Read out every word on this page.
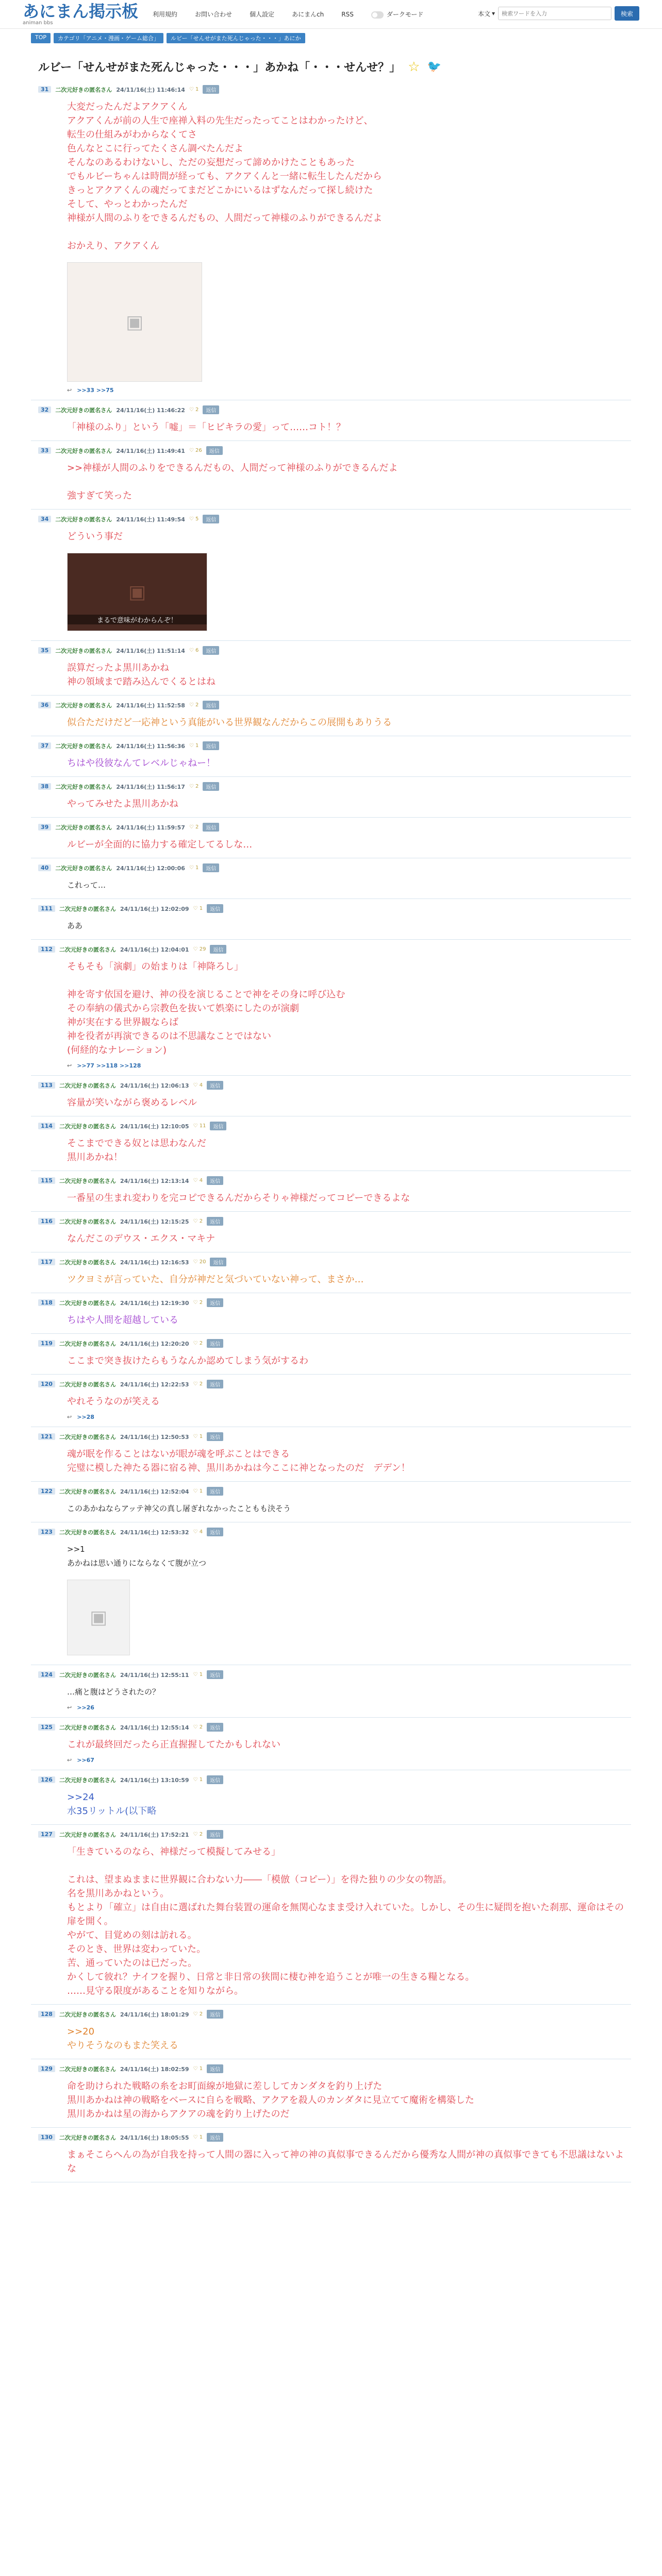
あにまん掲示板
animan bbs
利用規約	お問い合わせ	個人設定	あにまんch	RSS	ダークモード	本文 ▾
検索ワードを入力	検索
TOP	カテゴリ「アニメ・漫画・ゲーム総合」	ルビー「せんせがまた死んじゃった・・・」あにか
ルビー「せんせがまた死んじゃった・・・」あかね「・・・せんせ？」 ☆ 🐦
31	二次元好きの匿名さん 24/11/16(土) 11:46:14 ♡ 1	返信
大変だったんだよアクアくん
アクアくんが前の人生で座禅入料の先生だったってことはわかったけど、
転生の仕組みがわからなくてさ
色んなとこに行ってたくさん調べたんだよ
そんなのあるわけないし、ただの妄想だって諦めかけたこともあった
でもルビーちゃんは時間が経っても、アクアくんと一緒に転生したんだから
きっとアクアくんの魂だってまだどこかにいるはずなんだって探し続けた
そして、やっとわかったんだ
神様が人間のふりをできるんだもの、人間だって神様のふりができるんだよ

おかえり、アクアくん
▣
↩ >>33 >>75
32	二次元好きの匿名さん 24/11/16(土) 11:46:22 ♡ 2	返信
「神様のふり」という「嘘」＝「ヒビキラの愛」って……コト！？
33	二次元好きの匿名さん 24/11/16(土) 11:49:41 ♡ 26	返信
>>神様が人間のふりをできるんだもの、人間だって神様のふりができるんだよ

強すぎて笑った
34	二次元好きの匿名さん 24/11/16(土) 11:49:54 ♡ 5	返信
どういう事だ
▣
まるで意味がわからんぞ！
35	二次元好きの匿名さん 24/11/16(土) 11:51:14 ♡ 6	返信
誤算だったよ黒川あかね
神の領域まで踏み込んでくるとはね
36	二次元好きの匿名さん 24/11/16(土) 11:52:58 ♡ 2	返信
似合ただけだど一応神という真能がいる世界観なんだからこの展開もありうる
37	二次元好きの匿名さん 24/11/16(土) 11:56:36 ♡ 1	返信
ちはや役彼なんてレベルじゃねー！
38	二次元好きの匿名さん 24/11/16(土) 11:56:17 ♡ 2	返信
やってみせたよ黒川あかね
39	二次元好きの匿名さん 24/11/16(土) 11:59:57 ♡ 2	返信
ルビーが全面的に協力する確定してるしな…
40	二次元好きの匿名さん 24/11/16(土) 12:00:06 ♡ 1	返信
これって…
111	二次元好きの匿名さん 24/11/16(土) 12:02:09 ♡ 1	返信
ああ
112	二次元好きの匿名さん 24/11/16(土) 12:04:01 ♡ 29	返信
そもそも「演劇」の始まりは「神降ろし」

神を寄す依国を避け、神の役を演じることで神をその身に呼び込む
その奉納の儀式から宗教色を抜いて娯楽にしたのが演劇
神が実在する世界観ならば
神を役者が再演できるのは不思議なことではない
(何経的なナレーション)
↩ >>77 >>118 >>128
113	二次元好きの匿名さん 24/11/16(土) 12:06:13 ♡ 4	返信
容量が笑いながら褒めるレベル
114	二次元好きの匿名さん 24/11/16(土) 12:10:05 ♡ 11	返信
そこまでできる奴とは思わなんだ
黒川あかね！
115	二次元好きの匿名さん 24/11/16(土) 12:13:14 ♡ 4	返信
一番星の生まれ変わりを完コピできるんだからそりゃ神様だってコピーできるよな
116	二次元好きの匿名さん 24/11/16(土) 12:15:25 ♡ 2	返信
なんだこのデウス・エクス・マキナ
117	二次元好きの匿名さん 24/11/16(土) 12:16:53 ♡ 20	返信
ツクヨミが言っていた、自分が神だと気づいていない神って、まさか…
118	二次元好きの匿名さん 24/11/16(土) 12:19:30 ♡ 2	返信
ちはや人間を超越している
119	二次元好きの匿名さん 24/11/16(土) 12:20:20 ♡ 2	返信
ここまで突き抜けたらもうなんか認めてしまう気がするわ
120	二次元好きの匿名さん 24/11/16(土) 12:22:53 ♡ 2	返信
やれそうなのが笑える
↩ >>28
121	二次元好きの匿名さん 24/11/16(土) 12:50:53 ♡ 1	返信
魂が眠を作ることはないが眼が魂を呼ぶことはできる
完璧に模した神たる器に宿る神、黒川あかねは今ここに神となったのだ　デデン！
122	二次元好きの匿名さん 24/11/16(土) 12:52:04 ♡ 1	返信
このあかねならアッテ神父の真し屠ぎれなかったこともも決そう
123	二次元好きの匿名さん 24/11/16(土) 12:53:32 ♡ 4	返信
>>1
あかねは思い通りにならなくて腹が立つ
▣
124	二次元好きの匿名さん 24/11/16(土) 12:55:11 ♡ 1	返信
…痛と腹はどうされたの？
↩ >>26
125	二次元好きの匿名さん 24/11/16(土) 12:55:14 ♡ 2	返信
これが最終回だったら正直握握してたかもしれない
↩ >>67
126	二次元好きの匿名さん 24/11/16(土) 13:10:59 ♡ 1	返信
>>24
水35リットル(以下略
127	二次元好きの匿名さん 24/11/16(土) 17:52:21 ♡ 2	返信
「生きているのなら、神様だって模擬してみせる」

これは、望まぬままに世界観に合わない力――「模倣（コピー）」を得た独りの少女の物語。
名を黒川あかねという。
もとより「確立」は自由に選ばれた舞台装置の運命を無関心なまま受け入れていた。しかし、その生に疑問を抱いた刹那、運命はその扉を開く。
やがて、目覚めの刻は訪れる。
そのとき、世界は変わっていた。
苦、通っていたのは已だった。
かくして彼れ？ナイフを握り、日常と非日常の狭間に棲む神を追うことが唯一の生きる糧となる。
……見守る限度があることを知りながら。
128	二次元好きの匿名さん 24/11/16(土) 18:01:29 ♡ 2	返信
>>20
やりそうなのもまた笑える
129	二次元好きの匿名さん 24/11/16(土) 18:02:59 ♡ 1	返信
命を助けられた戦略の糸をお町面線が地獄に差ししてカンダタを釣り上げた
黒川あかねは神の戦略をベースに自らを戦略、アクアを殺人のカンダタに見立てて魔術を構築した
黒川あかねは星の海からアクアの魂を釣り上げたのだ
130	二次元好きの匿名さん 24/11/16(土) 18:05:55 ♡ 1	返信
まぁそこらへんの為が自我を持って人間の器に入って神の神の真似事できるんだから優秀な人間が神の真似事できても不思議はないよな
